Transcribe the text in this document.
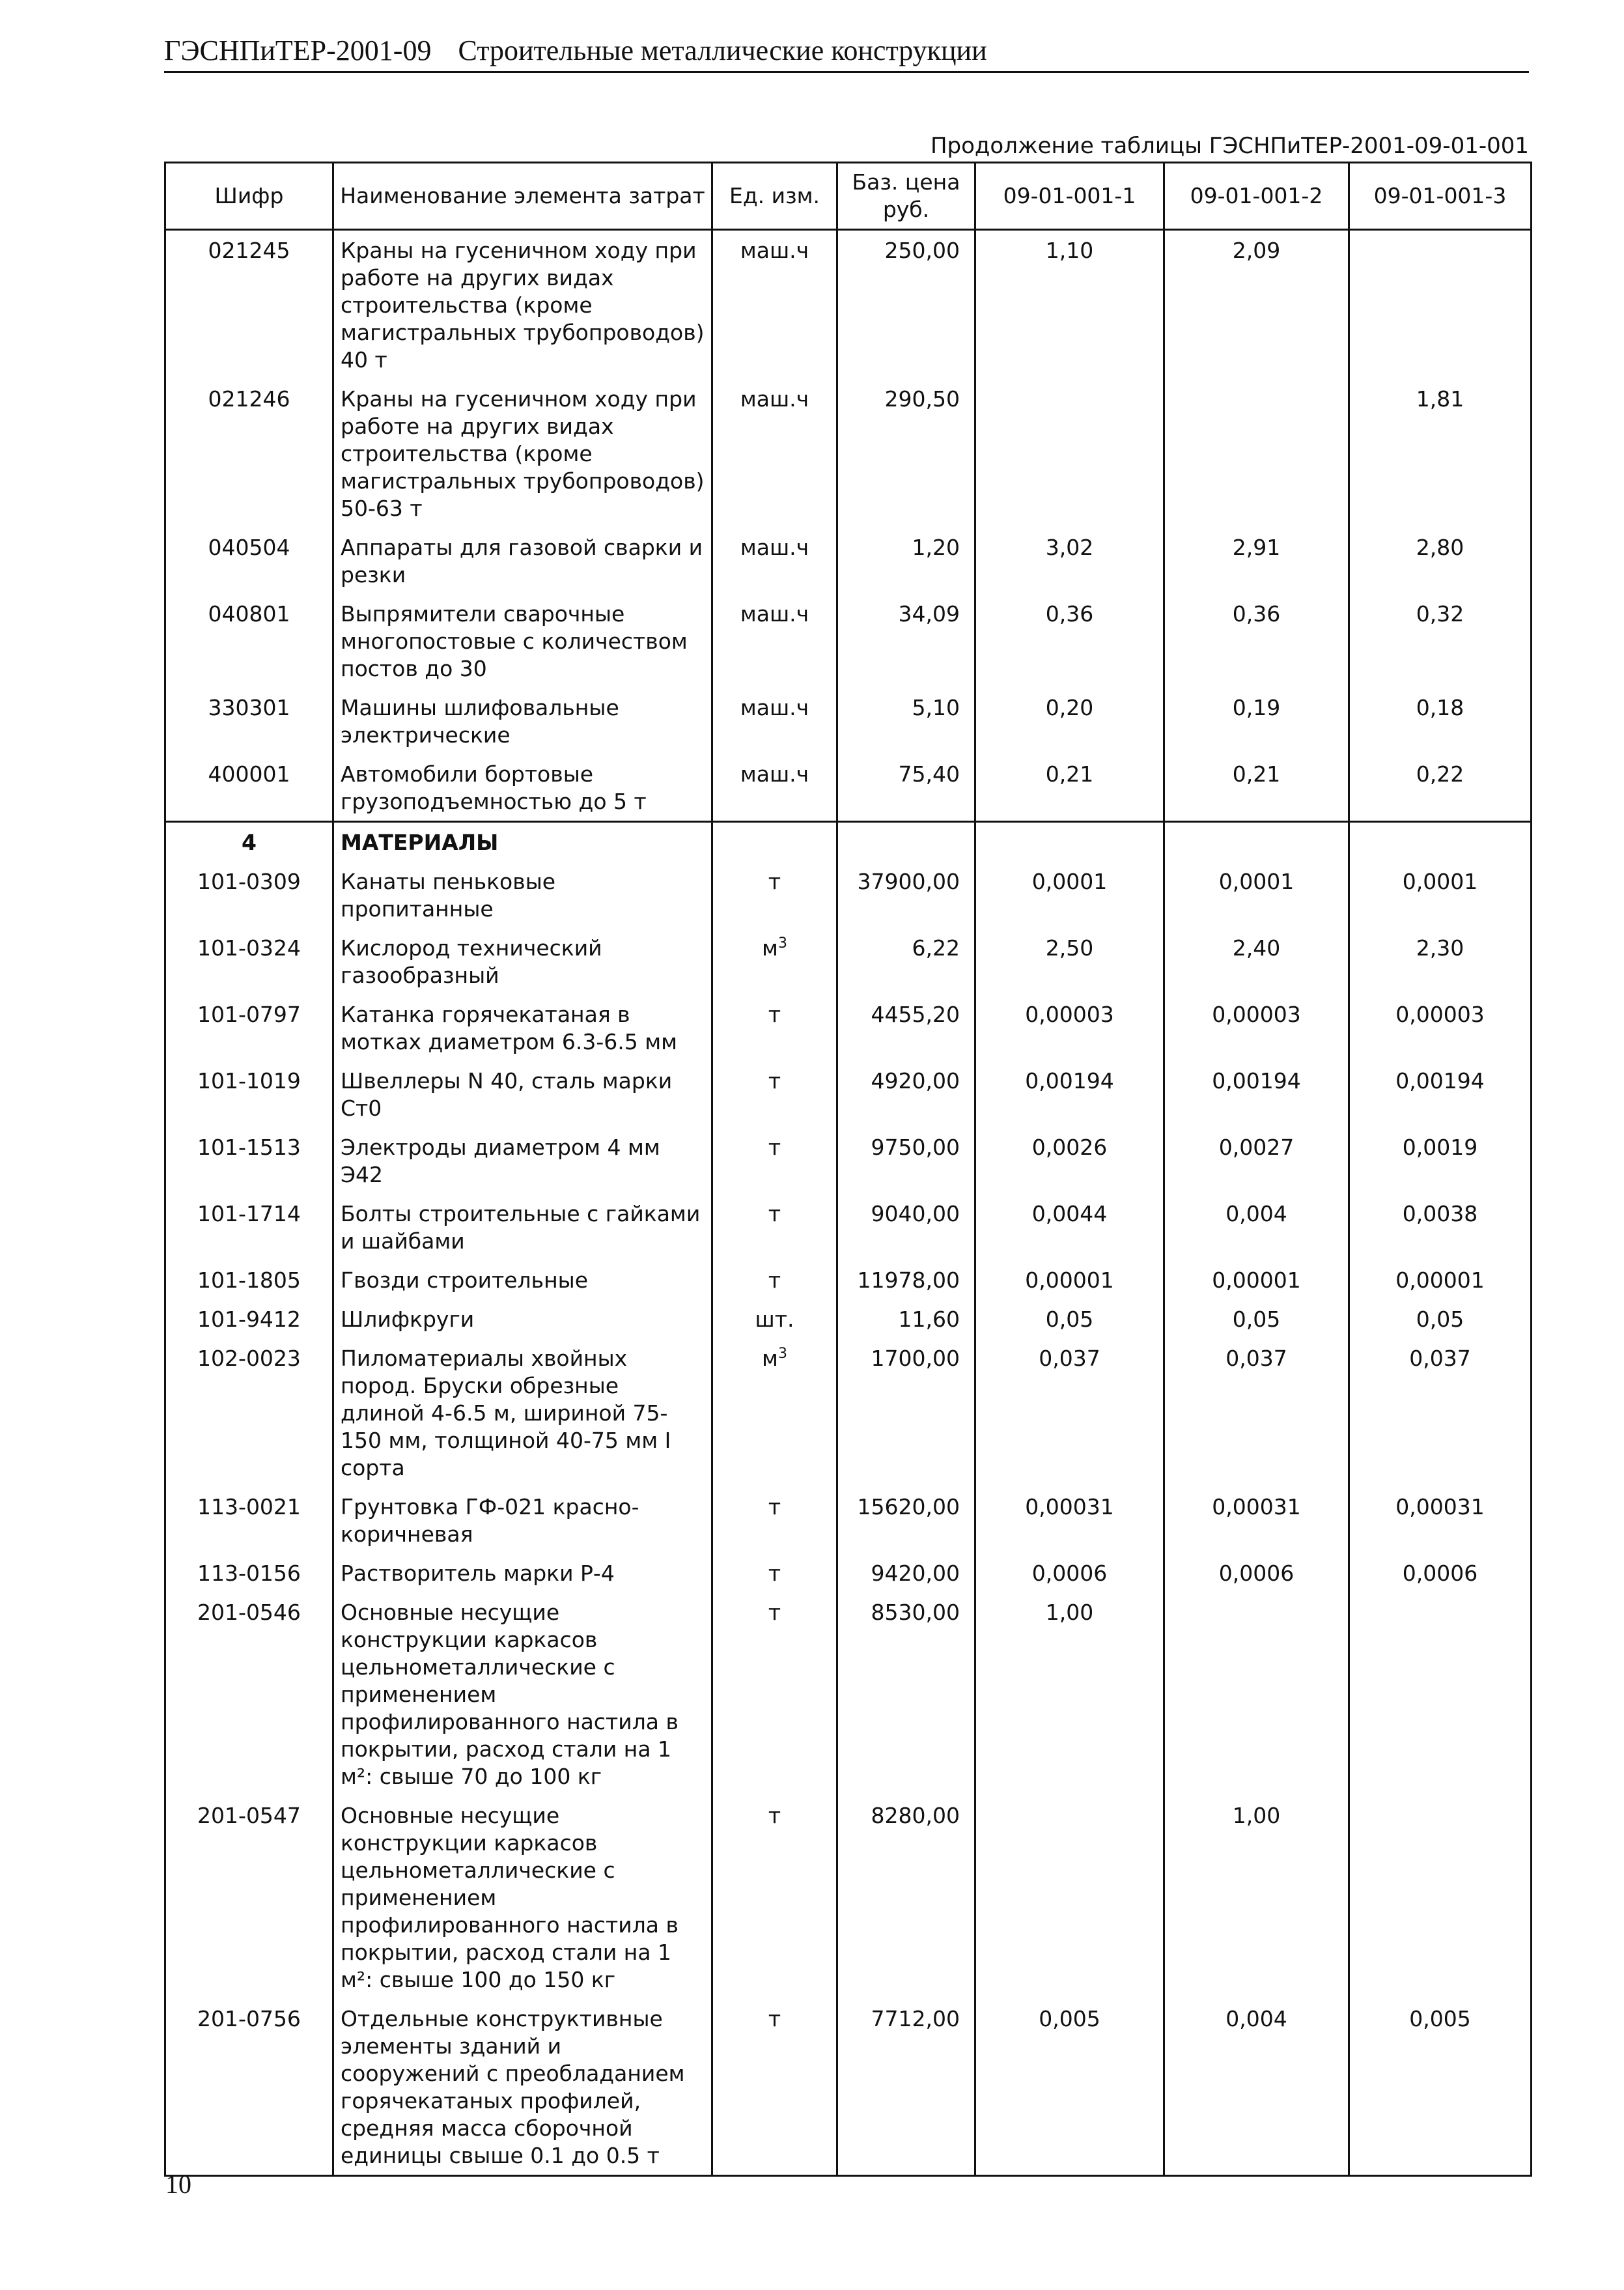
ГЭСНПиТЕР-2001-09 Строительные металлические конструкции
Продолжение таблицы ГЭСНПиТЕР-2001-09-01-001
Шифр	Наименование элемента затрат	Ед. изм.	Баз. цена руб.	09-01-001-1	09-01-001-2	09-01-001-3
021245	Краны на гусеничном ходу при работе на других видах строительства (кроме магистральных трубопроводов) 40 т	маш.ч	250,00	1,10	2,09	
021246	Краны на гусеничном ходу при работе на других видах строительства (кроме магистральных трубопроводов) 50-63 т	маш.ч	290,50			1,81
040504	Аппараты для газовой сварки и резки	маш.ч	1,20	3,02	2,91	2,80
040801	Выпрямители сварочные многопостовые с количеством постов до 30	маш.ч	34,09	0,36	0,36	0,32
330301	Машины шлифовальные электрические	маш.ч	5,10	0,20	0,19	0,18
400001	Автомобили бортовые грузоподъемностью до 5 т	маш.ч	75,40	0,21	0,21	0,22
4	МАТЕРИАЛЫ					
101-0309	Канаты пеньковые пропитанные	т	37900,00	0,0001	0,0001	0,0001
101-0324	Кислород технический газообразный	$м^3$	6,22	2,50	2,40	2,30
101-0797	Катанка горячекатаная в мотках диаметром 6.3-6.5 мм	т	4455,20	0,00003	0,00003	0,00003
101-1019	Швеллеры N 40, сталь марки Ст0	т	4920,00	0,00194	0,00194	0,00194
101-1513	Электроды диаметром 4 мм Э42	т	9750,00	0,0026	0,0027	0,0019
101-1714	Болты строительные с гайками и шайбами	т	9040,00	0,0044	0,004	0,0038
101-1805	Гвозди строительные	т	11978,00	0,00001	0,00001	0,00001
101-9412	Шлифкруги	шт.	11,60	0,05	0,05	0,05
102-0023	Пиломатериалы хвойных пород. Бруски обрезные длиной 4-6.5 м, шириной 75-150 мм, толщиной 40-75 мм I сорта	$м^3$	1700,00	0,037	0,037	0,037
113-0021	Грунтовка ГФ-021 красно-коричневая	т	15620,00	0,00031	0,00031	0,00031
113-0156	Растворитель марки Р-4	т	9420,00	0,0006	0,0006	0,0006
201-0546	Основные несущие конструкции каркасов цельнометаллические с применением профилированного настила в покрытии, расход стали на 1 м²: свыше 70 до 100 кг	т	8530,00	1,00		
201-0547	Основные несущие конструкции каркасов цельнометаллические с применением профилированного настила в покрытии, расход стали на 1 м²: свыше 100 до 150 кг	т	8280,00		1,00	
201-0756	Отдельные конструктивные элементы зданий и сооружений с преобладанием горячекатаных профилей, средняя масса сборочной единицы свыше 0.1 до 0.5 т	т	7712,00	0,005	0,004	0,005
10
